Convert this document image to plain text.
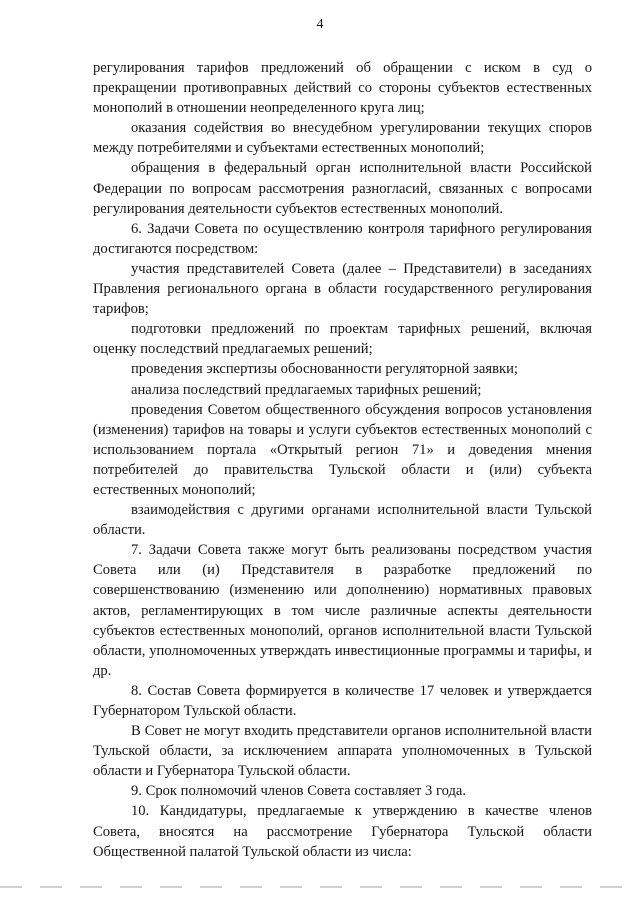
4

регулирования тарифов предложений об обращении с иском в суд о прекращении противоправных действий со стороны субъектов естественных монополий в отношении неопределенного круга лиц;

оказания содействия во внесудебном урегулировании текущих споров между потребителями и субъектами естественных монополий;

обращения в федеральный орган исполнительной власти Российской Федерации по вопросам рассмотрения разногласий, связанных с вопросами регулирования деятельности субъектов естественных монополий.

6. Задачи Совета по осуществлению контроля тарифного регулирования достигаются посредством:

участия представителей Совета (далее – Представители) в заседаниях Правления регионального органа в области государственного регулирования тарифов;

подготовки предложений по проектам тарифных решений, включая оценку последствий предлагаемых решений;

проведения экспертизы обоснованности регуляторной заявки;

анализа последствий предлагаемых тарифных решений;

проведения Советом общественного обсуждения вопросов установления (изменения) тарифов на товары и услуги субъектов естественных монополий с использованием портала «Открытый регион 71» и доведения мнения потребителей до правительства Тульской области и (или) субъекта естественных монополий;

взаимодействия с другими органами исполнительной власти Тульской области.

7. Задачи Совета также могут быть реализованы посредством участия Совета или (и) Представителя в разработке предложений по совершенствованию (изменению или дополнению) нормативных правовых актов, регламентирующих в том числе различные аспекты деятельности субъектов естественных монополий, органов исполнительной власти Тульской области, уполномоченных утверждать инвестиционные программы и тарифы, и др.

8. Состав Совета формируется в количестве 17 человек и утверждается Губернатором Тульской области.

В Совет не могут входить представители органов исполнительной власти Тульской области, за исключением аппарата уполномоченных в Тульской области и Губернатора Тульской области.

9. Срок полномочий членов Совета составляет 3 года.

10. Кандидатуры, предлагаемые к утверждению в качестве членов Совета, вносятся на рассмотрение Губернатора Тульской области Общественной палатой Тульской области из числа:
